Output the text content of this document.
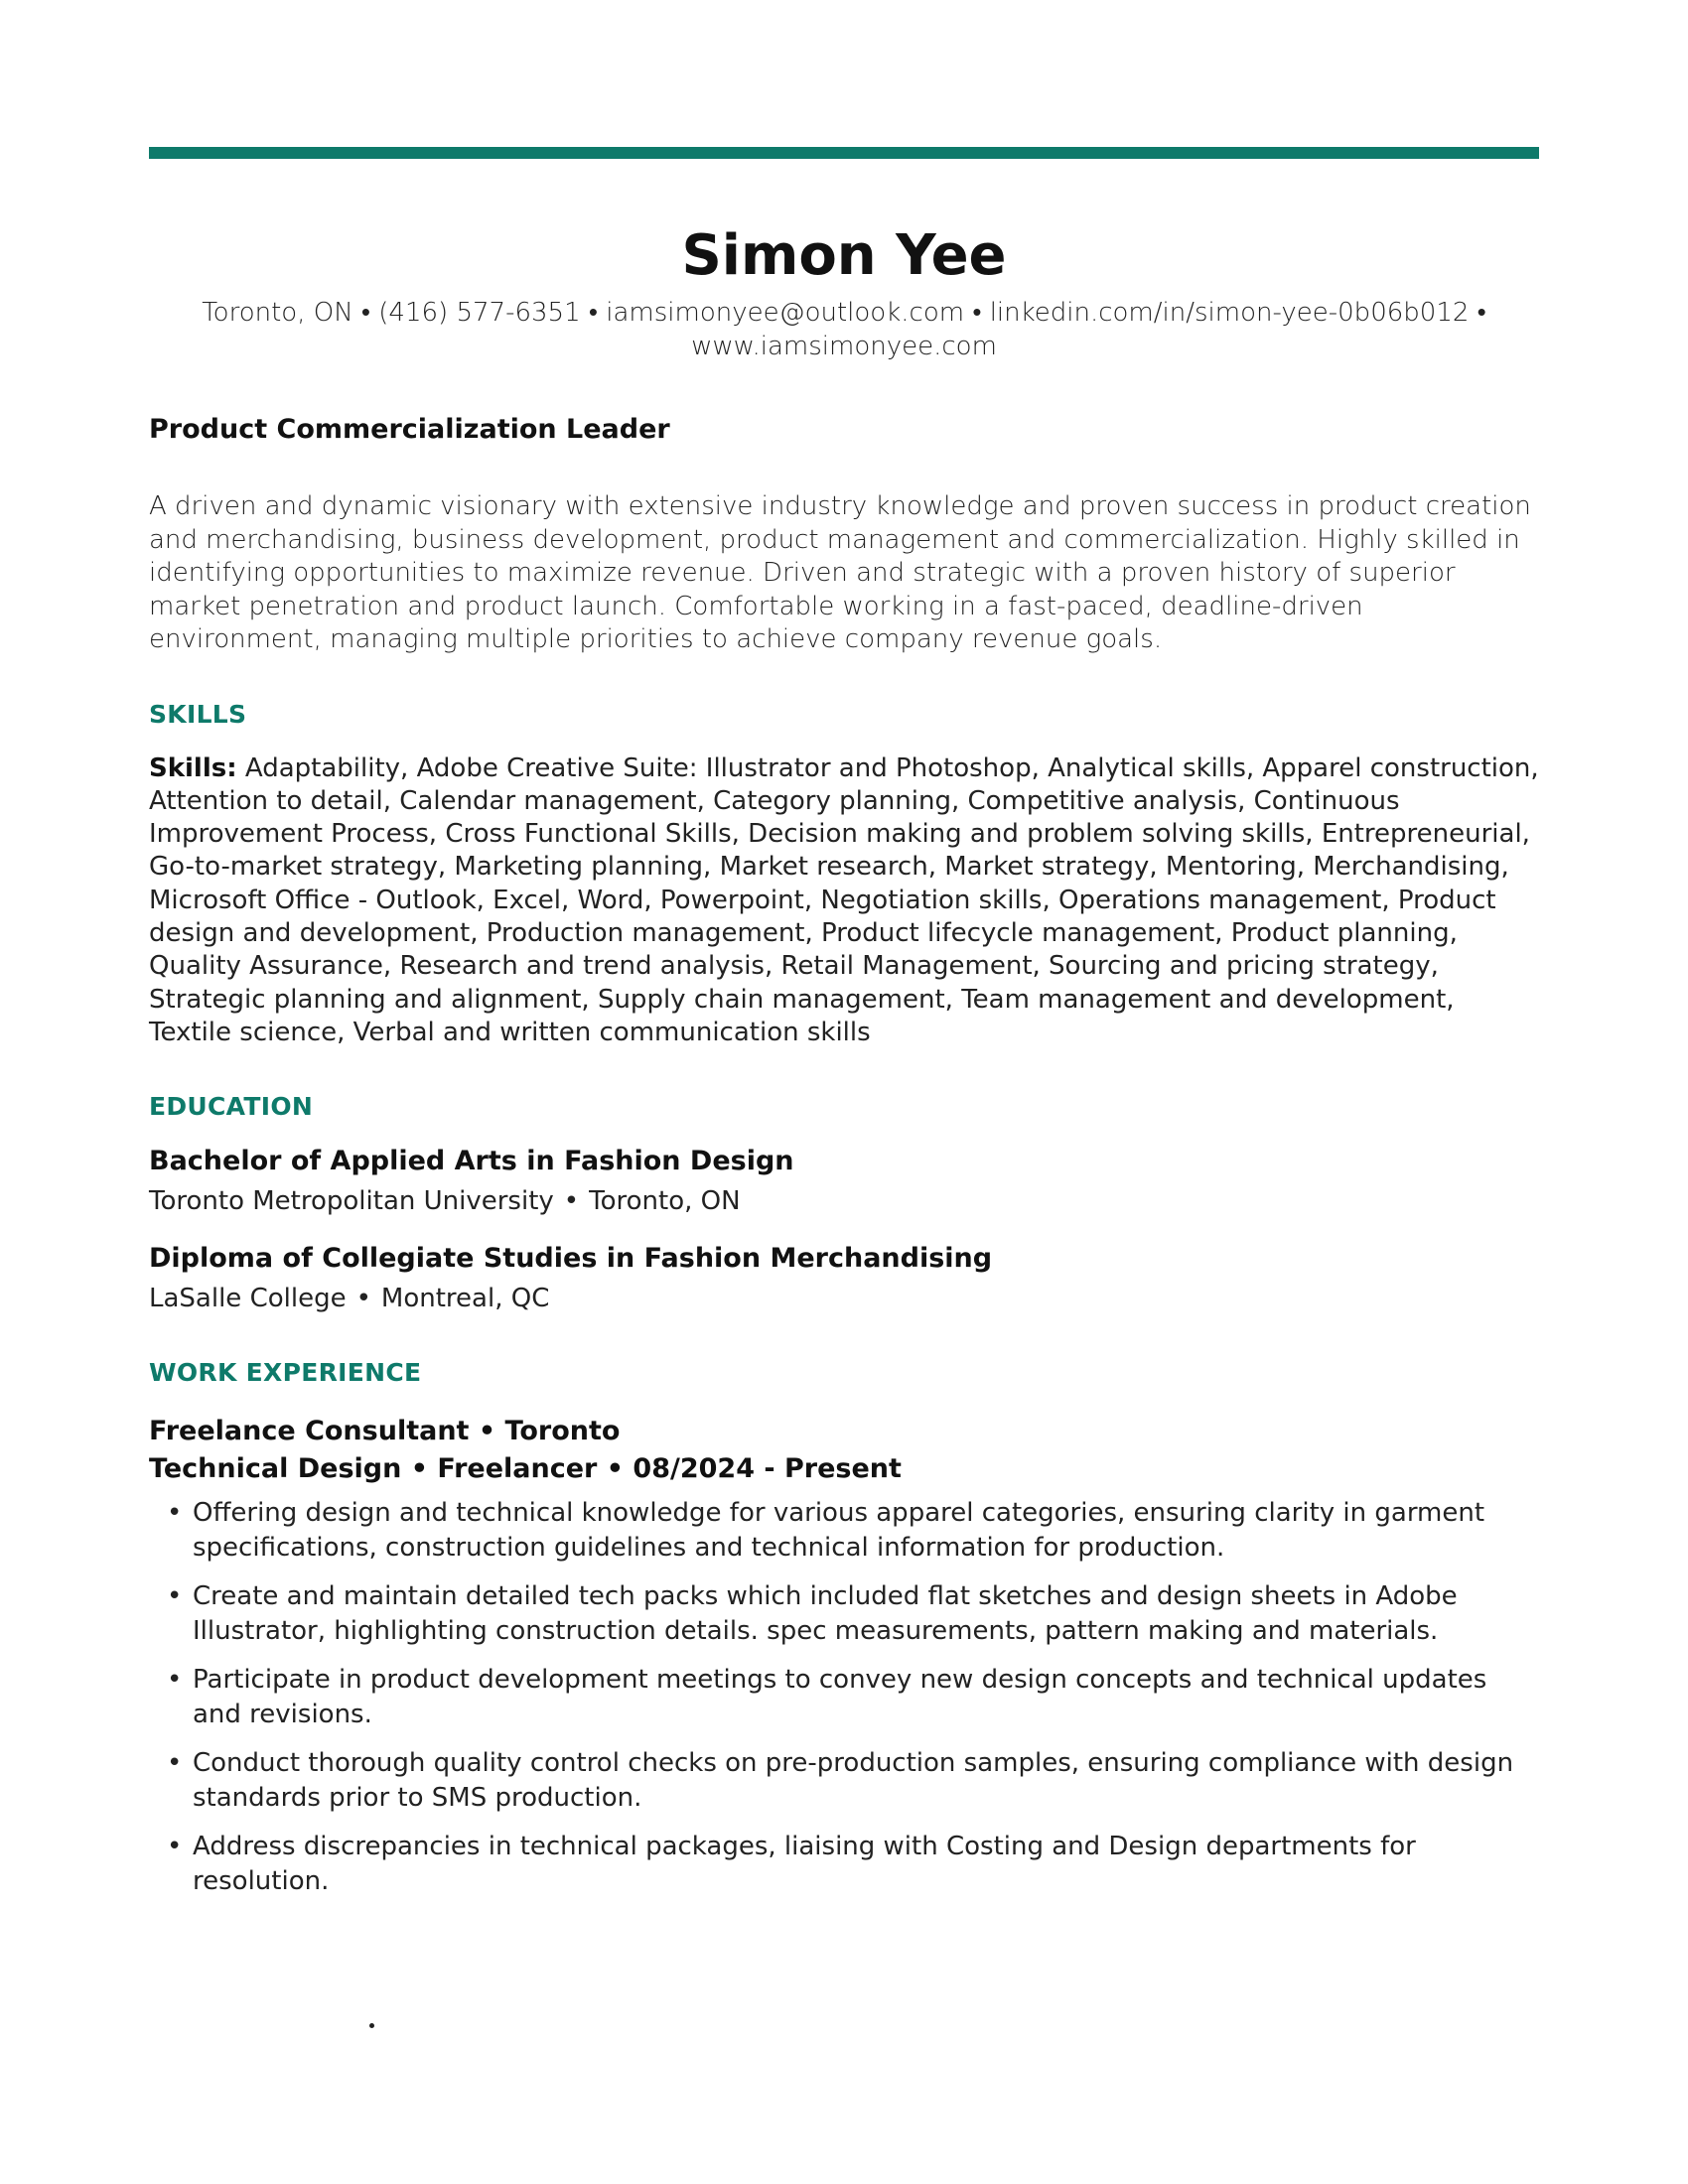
Simon Yee
Toronto, ON • (416) 577-6351 • iamsimonyee@outlook.com • linkedin.com/in/simon-yee-0b06b012 •
www.iamsimonyee.com
Product Commercialization Leader
A driven and dynamic visionary with extensive industry knowledge and proven success in product creation and merchandising, business development, product management and commercialization. Highly skilled in identifying opportunities to maximize revenue. Driven and strategic with a proven history of superior market penetration and product launch. Comfortable working in a fast-paced, deadline-driven environment, managing multiple priorities to achieve company revenue goals.
SKILLS
Skills: Adaptability, Adobe Creative Suite: Illustrator and Photoshop, Analytical skills, Apparel construction, Attention to detail, Calendar management, Category planning, Competitive analysis, Continuous Improvement Process, Cross Functional Skills, Decision making and problem solving skills, Entrepreneurial, Go-to-market strategy, Marketing planning, Market research, Market strategy, Mentoring, Merchandising, Microsoft Office - Outlook, Excel, Word, Powerpoint, Negotiation skills, Operations management, Product design and development, Production management, Product lifecycle management, Product planning, Quality Assurance, Research and trend analysis, Retail Management, Sourcing and pricing strategy, Strategic planning and alignment, Supply chain management, Team management and development, Textile science, Verbal and written communication skills
EDUCATION
Bachelor of Applied Arts in Fashion Design
Toronto Metropolitan University • Toronto, ON
Diploma of Collegiate Studies in Fashion Merchandising
LaSalle College • Montreal, QC
WORK EXPERIENCE
Freelance Consultant • Toronto
Technical Design • Freelancer • 08/2024 - Present
• Offering design and technical knowledge for various apparel categories, ensuring clarity in garment specifications, construction guidelines and technical information for production.
• Create and maintain detailed tech packs which included flat sketches and design sheets in Adobe Illustrator, highlighting construction details. spec measurements, pattern making and materials.
• Participate in product development meetings to convey new design concepts and technical updates and revisions.
• Conduct thorough quality control checks on pre-production samples, ensuring compliance with design standards prior to SMS production.
• Address discrepancies in technical packages, liaising with Costing and Design departments for resolution.
